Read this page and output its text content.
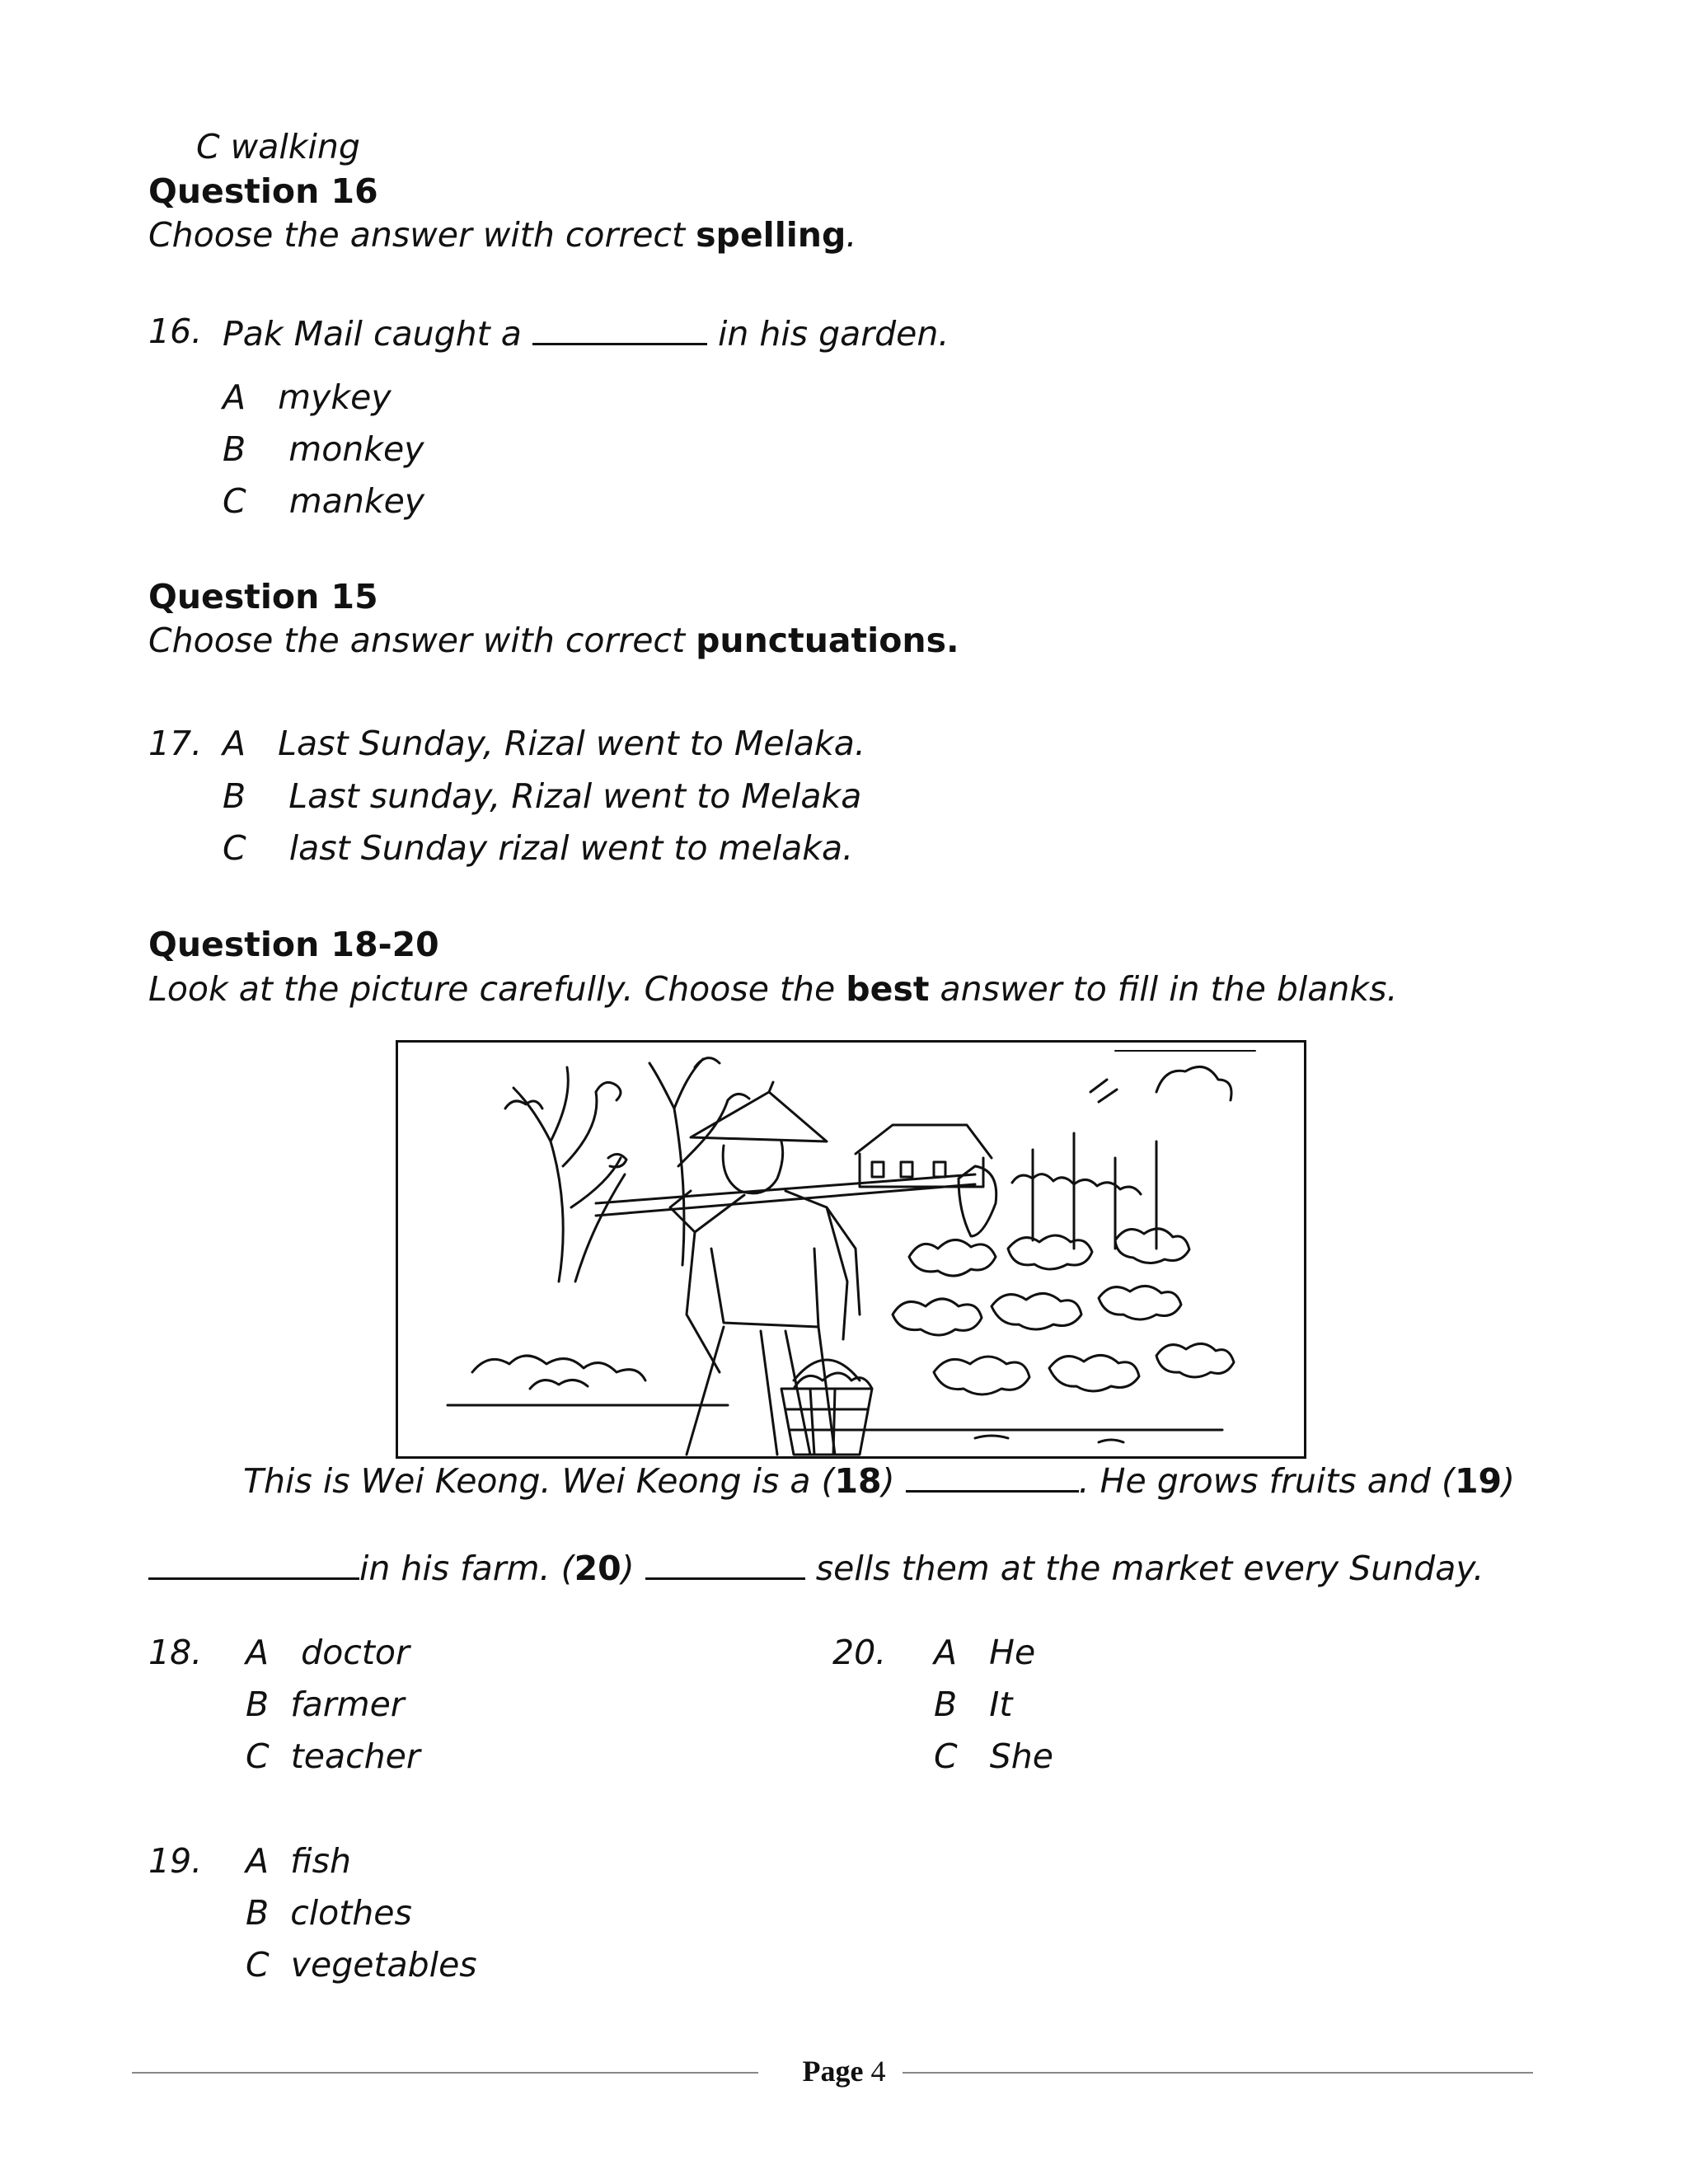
C walking
Question 16
Choose the answer with correct spelling.
16. Pak Mail caught a	in his garden.
A mykey
B monkey
C mankey
Question 15
Choose the answer with correct punctuations.
17. A Last Sunday, Rizal went to Melaka.
B Last sunday, Rizal went to Melaka
C last Sunday rizal went to melaka.
Question 18-20
Look at the picture carefully. Choose the best answer to fill in the blanks.
This is Wei Keong. Wei Keong is a (18)	. He grows fruits and (19)
in his farm. (20)	sells them at the market every Sunday.
18. A doctor
B farmer
C teacher
20. A He
B It
C She
19. A fish
B clothes
C vegetables
Page 4
